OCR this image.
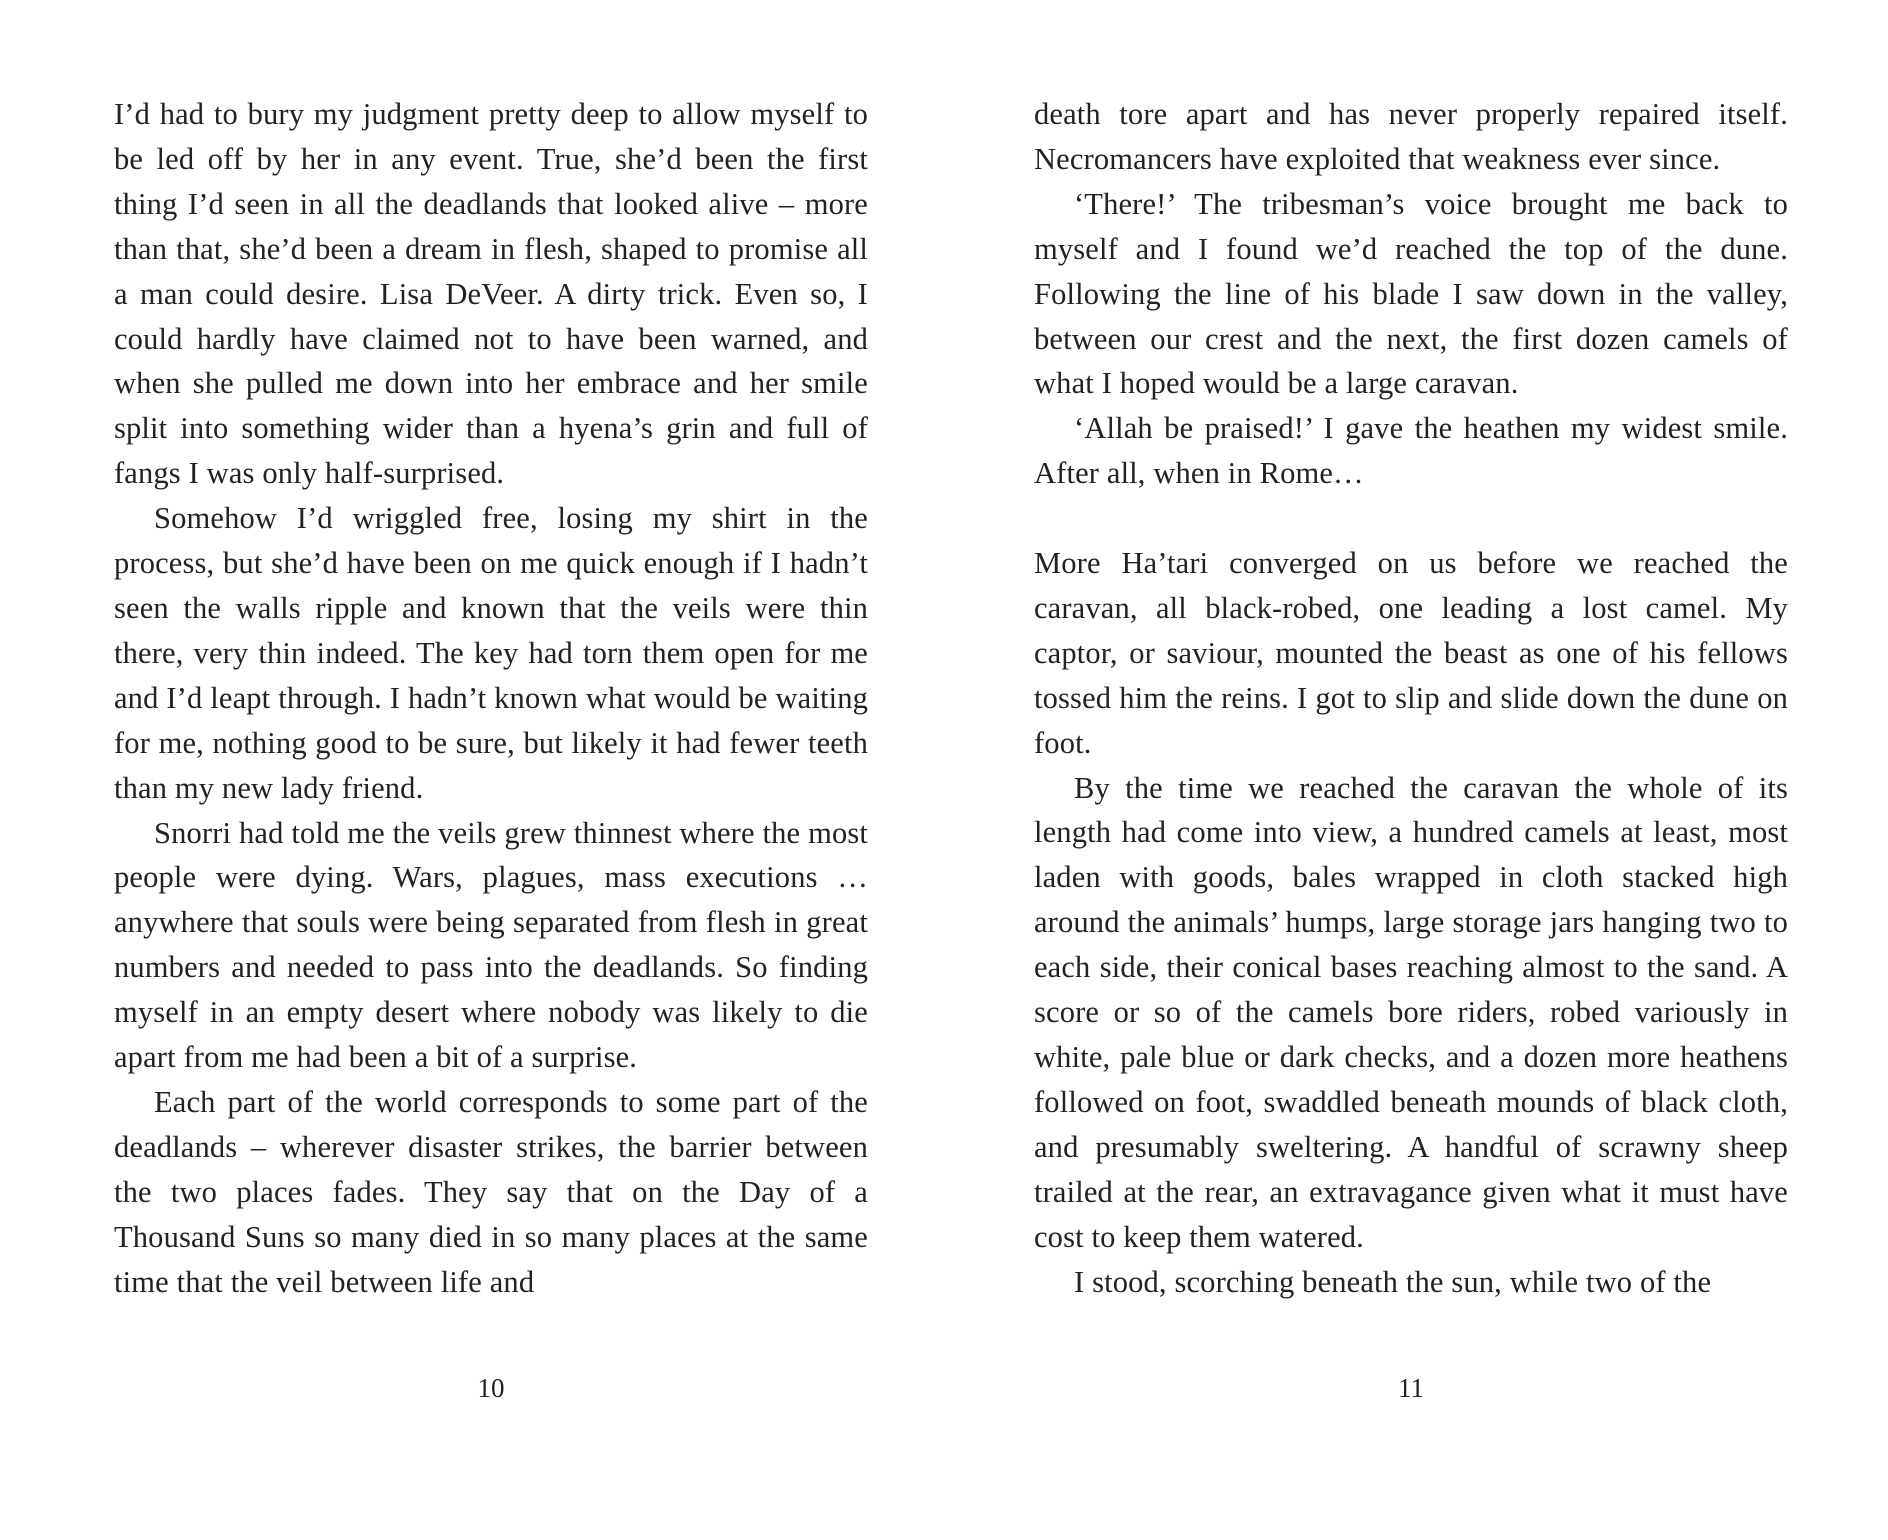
I’d had to bury my judgment pretty deep to allow myself to be led off by her in any event. True, she’d been the first thing I’d seen in all the deadlands that looked alive – more than that, she’d been a dream in flesh, shaped to promise all a man could desire. Lisa DeVeer. A dirty trick. Even so, I could hardly have claimed not to have been warned, and when she pulled me down into her embrace and her smile split into something wider than a hyena’s grin and full of fangs I was only half-surprised.

Somehow I’d wriggled free, losing my shirt in the process, but she’d have been on me quick enough if I hadn’t seen the walls ripple and known that the veils were thin there, very thin indeed. The key had torn them open for me and I’d leapt through. I hadn’t known what would be waiting for me, nothing good to be sure, but likely it had fewer teeth than my new lady friend.

Snorri had told me the veils grew thinnest where the most people were dying. Wars, plagues, mass executions … anywhere that souls were being separated from flesh in great numbers and needed to pass into the deadlands. So finding myself in an empty desert where nobody was likely to die apart from me had been a bit of a surprise.

Each part of the world corresponds to some part of the deadlands – wherever disaster strikes, the barrier between the two places fades. They say that on the Day of a Thousand Suns so many died in so many places at the same time that the veil between life and

10

death tore apart and has never properly repaired itself. Necromancers have exploited that weakness ever since.

‘There!’ The tribesman’s voice brought me back to myself and I found we’d reached the top of the dune. Following the line of his blade I saw down in the valley, between our crest and the next, the first dozen camels of what I hoped would be a large caravan.

‘Allah be praised!’ I gave the heathen my widest smile. After all, when in Rome…

More Ha’tari converged on us before we reached the caravan, all black-robed, one leading a lost camel. My captor, or saviour, mounted the beast as one of his fellows tossed him the reins. I got to slip and slide down the dune on foot.

By the time we reached the caravan the whole of its length had come into view, a hundred camels at least, most laden with goods, bales wrapped in cloth stacked high around the animals’ humps, large storage jars hanging two to each side, their conical bases reaching almost to the sand. A score or so of the camels bore riders, robed variously in white, pale blue or dark checks, and a dozen more heathens followed on foot, swaddled beneath mounds of black cloth, and presumably sweltering. A handful of scrawny sheep trailed at the rear, an extravagance given what it must have cost to keep them watered.

I stood, scorching beneath the sun, while two of the

11
